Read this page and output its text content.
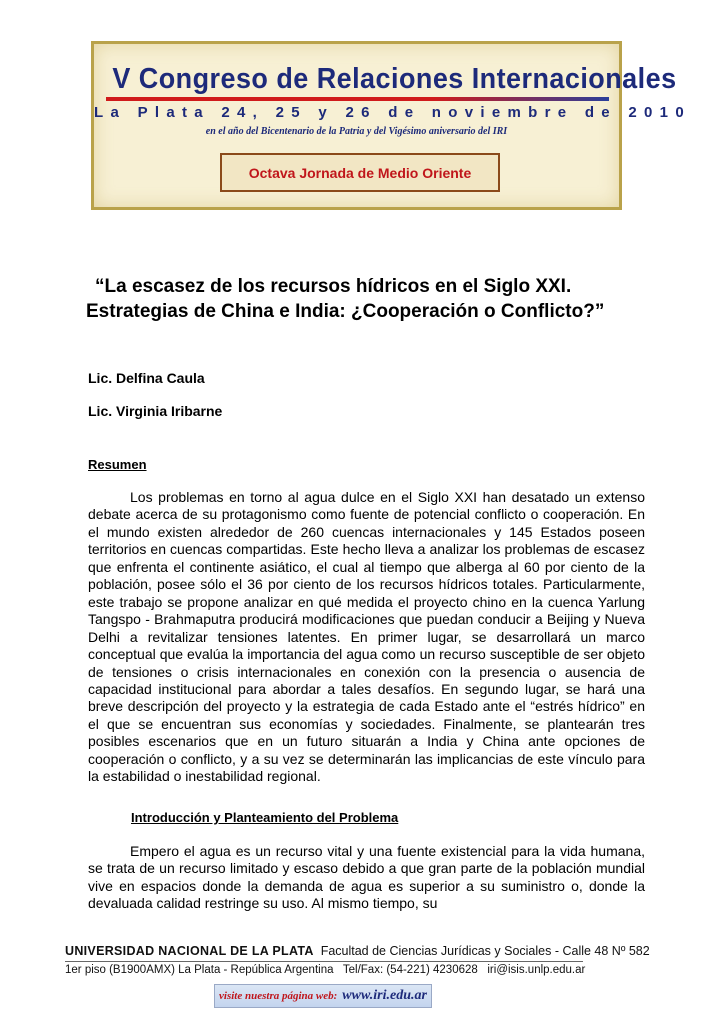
V Congreso de Relaciones Internacionales
La Plata 24, 25 y 26 de noviembre de 2010
en el año del Bicentenario de la Patria y del Vigésimo aniversario del IRI
Octava Jornada de Medio Oriente
“La escasez de los recursos hídricos en el Siglo XXI.
Estrategias de China e India: ¿Cooperación o Conflicto?”
Lic. Delfina Caula
Lic. Virginia Iribarne
Resumen

Los problemas en torno al agua dulce en el Siglo XXI han desatado un extenso debate acerca de su protagonismo como fuente de potencial conflicto o cooperación. En el mundo existen alrededor de 260 cuencas internacionales y 145 Estados poseen territorios en cuencas compartidas. Este hecho lleva a analizar los problemas de escasez que enfrenta el continente asiático, el cual al tiempo que alberga al 60 por ciento de la población, posee sólo el 36 por ciento de los recursos hídricos totales. Particularmente, este trabajo se propone analizar en qué medida el proyecto chino en la cuenca Yarlung Tangspo - Brahmaputra producirá modificaciones que puedan conducir a Beijing y Nueva Delhi a revitalizar tensiones latentes. En primer lugar, se desarrollará un marco conceptual que evalúa la importancia del agua como un recurso susceptible de ser objeto de tensiones o crisis internacionales en conexión con la presencia o ausencia de capacidad institucional para abordar a tales desafíos. En segundo lugar, se hará una breve descripción del proyecto y la estrategia de cada Estado ante el “estrés hídrico” en el que se encuentran sus economías y sociedades. Finalmente, se plantearán tres posibles escenarios que en un futuro situarán a India y China ante opciones de cooperación o conflicto, y a su vez se determinarán las implicancias de este vínculo para la estabilidad o inestabilidad regional.

Introducción y Planteamiento del Problema

Empero el agua es un recurso vital y una fuente existencial para la vida humana, se trata de un recurso limitado y escaso debido a que gran parte de la población mundial vive en espacios donde la demanda de agua es superior a su suministro o, donde la devaluada calidad restringe su uso. Al mismo tiempo, su

UNIVERSIDAD NACIONAL DE LA PLATA Facultad de Ciencias Jurídicas y Sociales - Calle 48 Nº 582
1er piso (B1900AMX) La Plata - República Argentina Tel/Fax: (54-221) 4230628 iri@isis.unlp.edu.ar
visite nuestra página web: www.iri.edu.ar
